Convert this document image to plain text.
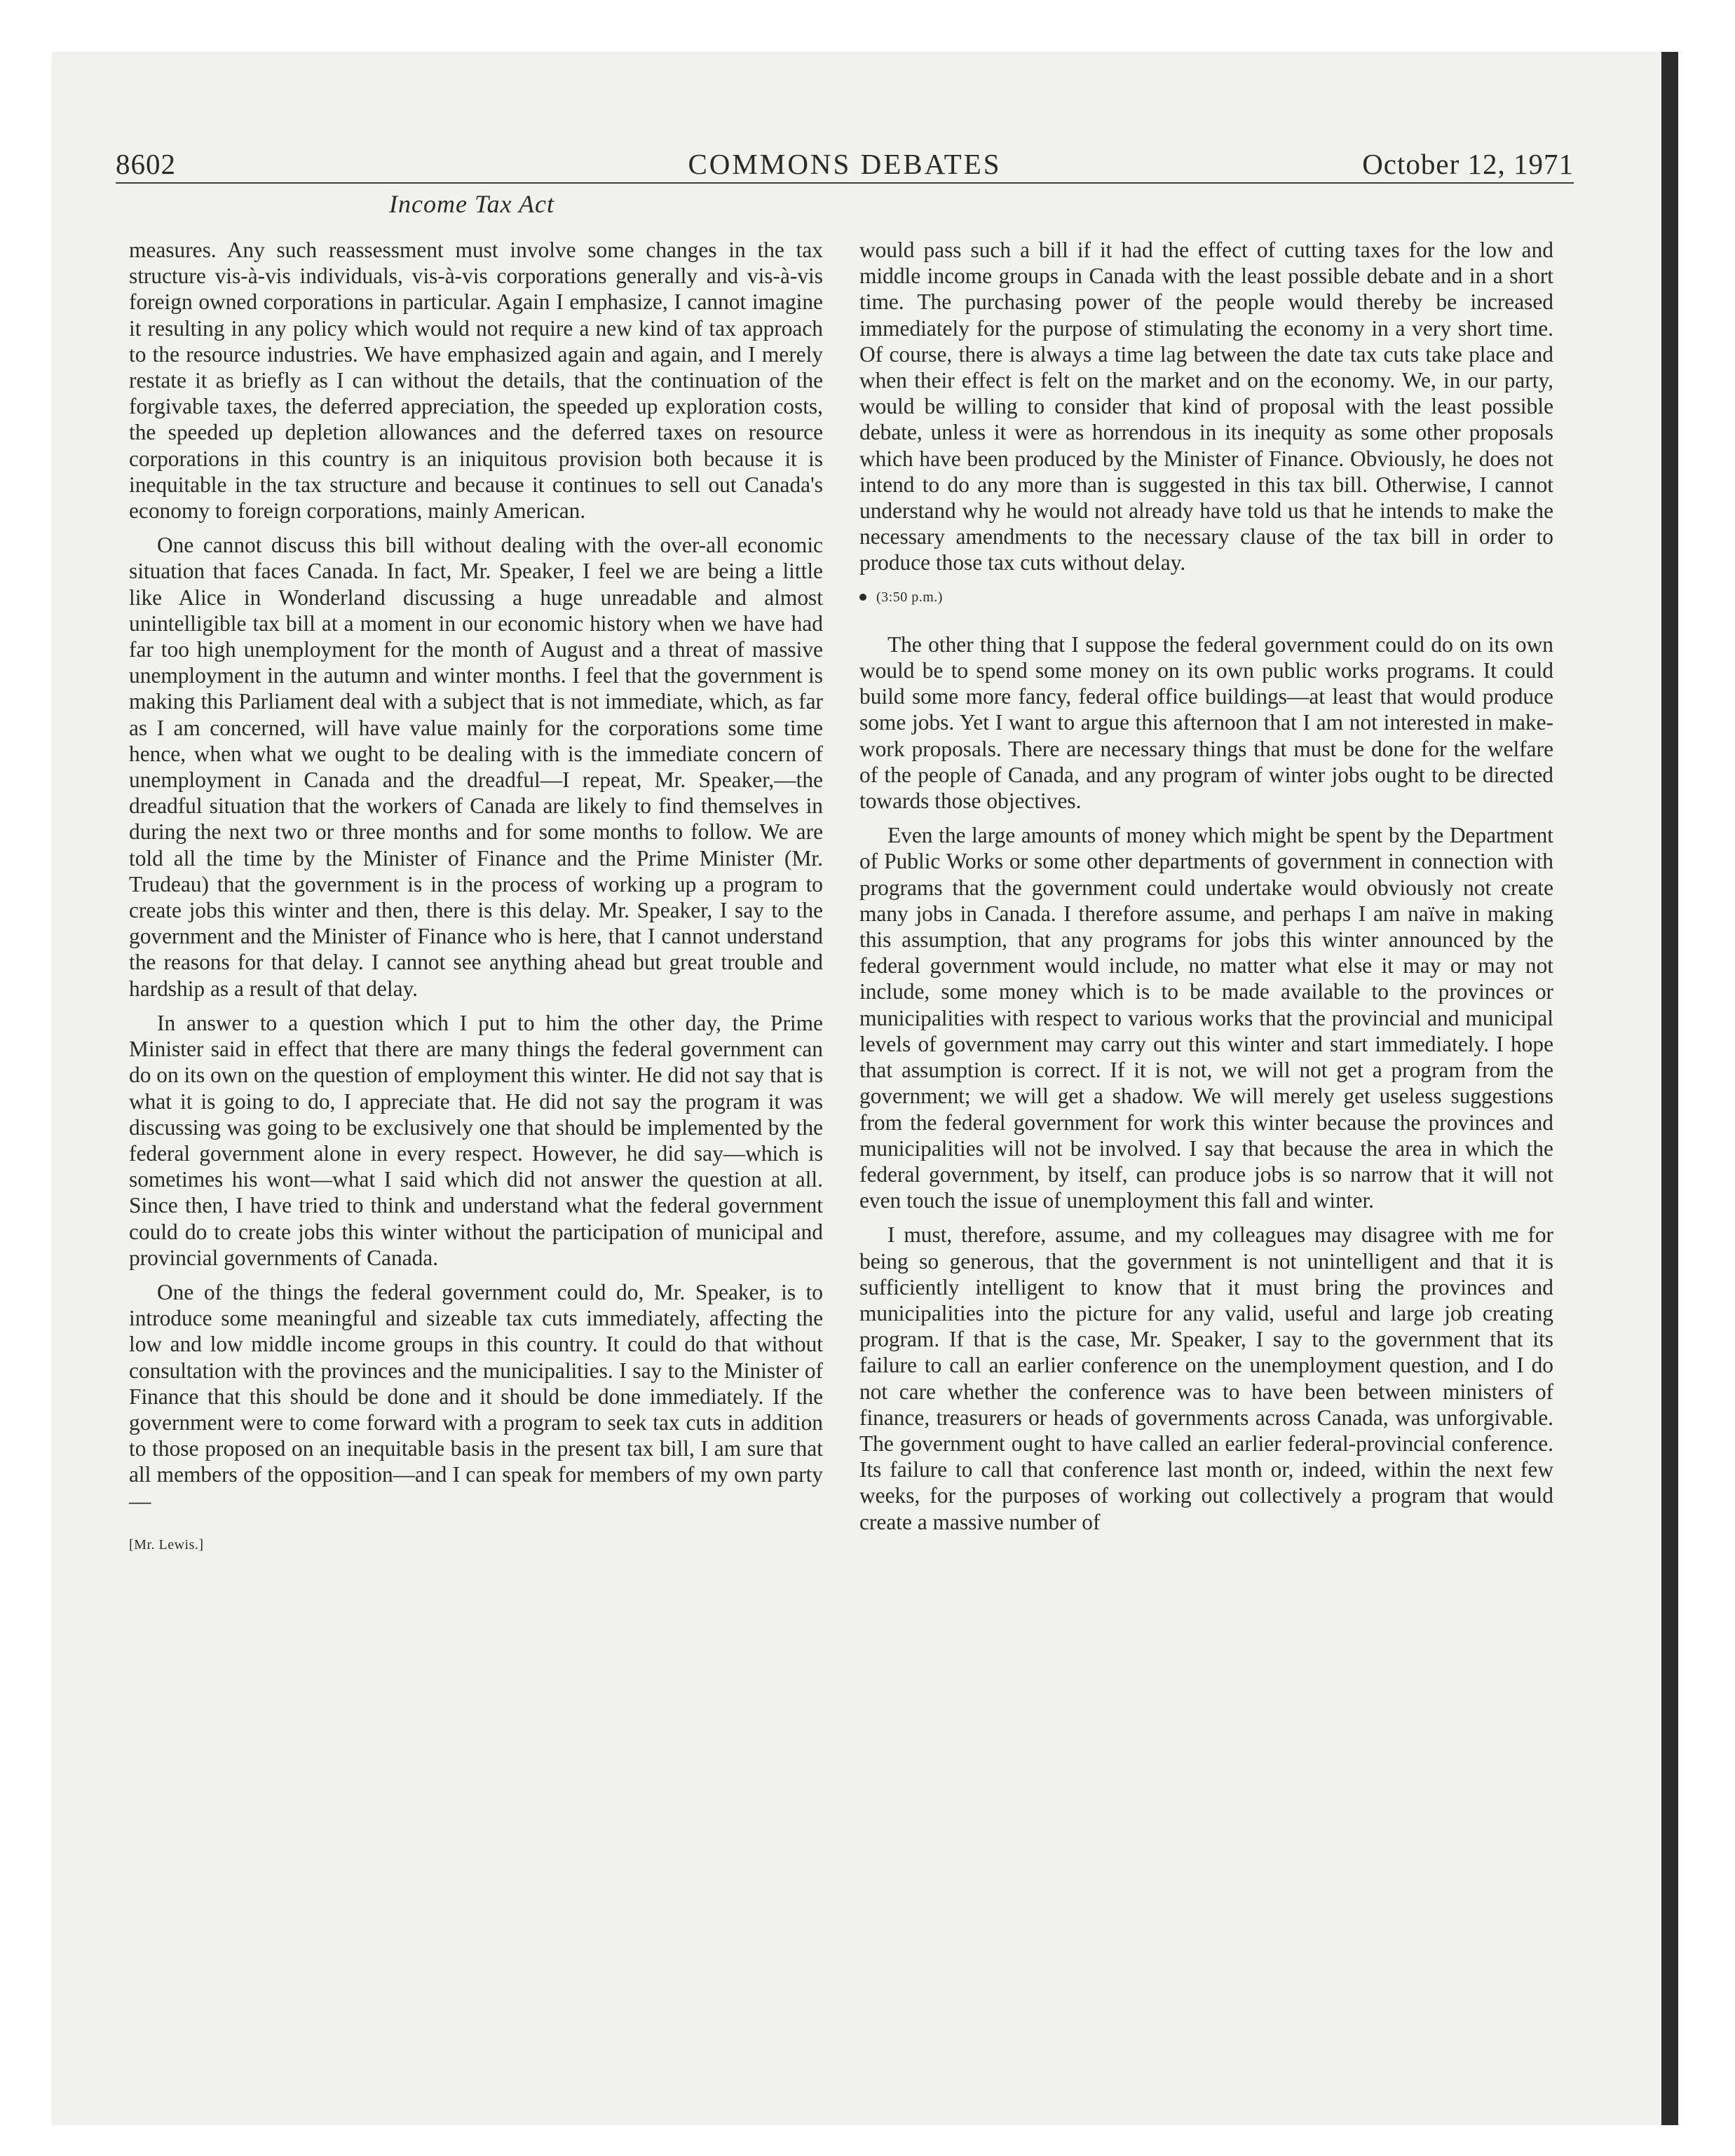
8602	COMMONS DEBATES	October 12, 1971
Income Tax Act

measures. Any such reassessment must involve some changes in the tax structure vis-à-vis individuals, vis-à-vis corporations generally and vis-à-vis foreign owned corporations in particular. Again I emphasize, I cannot imagine it resulting in any policy which would not require a new kind of tax approach to the resource industries. We have emphasized again and again, and I merely restate it as briefly as I can without the details, that the continuation of the forgivable taxes, the deferred appreciation, the speeded up exploration costs, the speeded up depletion allowances and the deferred taxes on resource corporations in this country is an iniquitous provision both because it is inequitable in the tax structure and because it continues to sell out Canada's economy to foreign corporations, mainly American.

One cannot discuss this bill without dealing with the over-all economic situation that faces Canada. In fact, Mr. Speaker, I feel we are being a little like Alice in Wonderland discussing a huge unreadable and almost unintelligible tax bill at a moment in our economic history when we have had far too high unemployment for the month of August and a threat of massive unemployment in the autumn and winter months. I feel that the government is making this Parliament deal with a subject that is not immediate, which, as far as I am concerned, will have value mainly for the corporations some time hence, when what we ought to be dealing with is the immediate concern of unemployment in Canada and the dreadful—I repeat, Mr. Speaker,—the dreadful situation that the workers of Canada are likely to find themselves in during the next two or three months and for some months to follow. We are told all the time by the Minister of Finance and the Prime Minister (Mr. Trudeau) that the government is in the process of working up a program to create jobs this winter and then, there is this delay. Mr. Speaker, I say to the government and the Minister of Finance who is here, that I cannot understand the reasons for that delay. I cannot see anything ahead but great trouble and hardship as a result of that delay.

In answer to a question which I put to him the other day, the Prime Minister said in effect that there are many things the federal government can do on its own on the question of employment this winter. He did not say that is what it is going to do, I appreciate that. He did not say the program it was discussing was going to be exclusively one that should be implemented by the federal government alone in every respect. However, he did say—which is sometimes his wont—what I said which did not answer the question at all. Since then, I have tried to think and understand what the federal government could do to create jobs this winter without the participation of municipal and provincial governments of Canada.

One of the things the federal government could do, Mr. Speaker, is to introduce some meaningful and sizeable tax cuts immediately, affecting the low and low middle income groups in this country. It could do that without consultation with the provinces and the municipalities. I say to the Minister of Finance that this should be done and it should be done immediately. If the government were to come forward with a program to seek tax cuts in addition to those proposed on an inequitable basis in the present tax bill, I am sure that all members of the opposition—and I can speak for members of my own party—

[Mr. Lewis.]

would pass such a bill if it had the effect of cutting taxes for the low and middle income groups in Canada with the least possible debate and in a short time. The purchasing power of the people would thereby be increased immediately for the purpose of stimulating the economy in a very short time. Of course, there is always a time lag between the date tax cuts take place and when their effect is felt on the market and on the economy. We, in our party, would be willing to consider that kind of proposal with the least possible debate, unless it were as horrendous in its inequity as some other proposals which have been produced by the Minister of Finance. Obviously, he does not intend to do any more than is suggested in this tax bill. Otherwise, I cannot understand why he would not already have told us that he intends to make the necessary amendments to the necessary clause of the tax bill in order to produce those tax cuts without delay.

(3:50 p.m.)

The other thing that I suppose the federal government could do on its own would be to spend some money on its own public works programs. It could build some more fancy, federal office buildings—at least that would produce some jobs. Yet I want to argue this afternoon that I am not interested in make-work proposals. There are necessary things that must be done for the welfare of the people of Canada, and any program of winter jobs ought to be directed towards those objectives.

Even the large amounts of money which might be spent by the Department of Public Works or some other departments of government in connection with programs that the government could undertake would obviously not create many jobs in Canada. I therefore assume, and perhaps I am naïve in making this assumption, that any programs for jobs this winter announced by the federal government would include, no matter what else it may or may not include, some money which is to be made available to the provinces or municipalities with respect to various works that the provincial and municipal levels of government may carry out this winter and start immediately. I hope that assumption is correct. If it is not, we will not get a program from the government; we will get a shadow. We will merely get useless suggestions from the federal government for work this winter because the provinces and municipalities will not be involved. I say that because the area in which the federal government, by itself, can produce jobs is so narrow that it will not even touch the issue of unemployment this fall and winter.

I must, therefore, assume, and my colleagues may disagree with me for being so generous, that the government is not unintelligent and that it is sufficiently intelligent to know that it must bring the provinces and municipalities into the picture for any valid, useful and large job creating program. If that is the case, Mr. Speaker, I say to the government that its failure to call an earlier conference on the unemployment question, and I do not care whether the conference was to have been between ministers of finance, treasurers or heads of governments across Canada, was unforgivable. The government ought to have called an earlier federal-provincial conference. Its failure to call that conference last month or, indeed, within the next few weeks, for the purposes of working out collectively a program that would create a massive number of
